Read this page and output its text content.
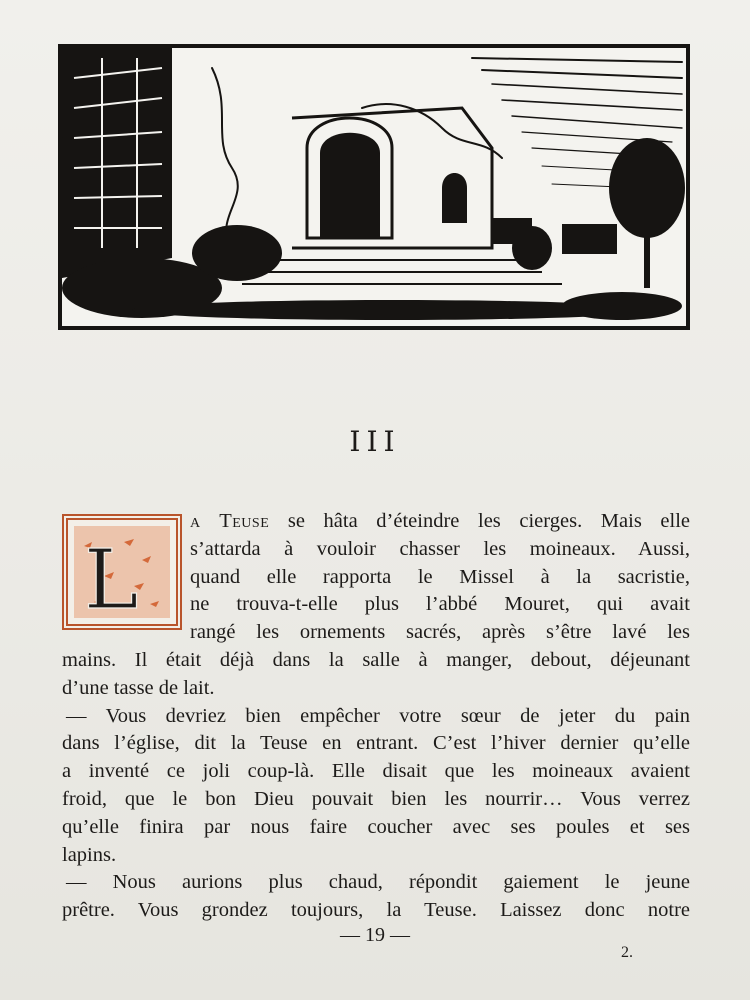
III
L
a Teuse se hâta d’éteindre les cierges. Mais elle
s’attarda à vouloir chasser les moineaux. Aussi,
quand elle rapporta le Missel à la sacristie,
ne trouva-t-elle plus l’abbé Mouret, qui avait
rangé les ornements sacrés, après s’être lavé les
mains. Il était déjà dans la salle à manger, debout, déjeunant
d’une tasse de lait.
— Vous devriez bien empêcher votre sœur de jeter du pain
dans l’église, dit la Teuse en entrant. C’est l’hiver dernier qu’elle
a inventé ce joli coup-là. Elle disait que les moineaux avaient
froid, que le bon Dieu pouvait bien les nourrir… Vous verrez
qu’elle finira par nous faire coucher avec ses poules et ses
lapins.
— Nous aurions plus chaud, répondit gaiement le jeune
prêtre. Vous grondez toujours, la Teuse. Laissez donc notre
— 19 —
2.
